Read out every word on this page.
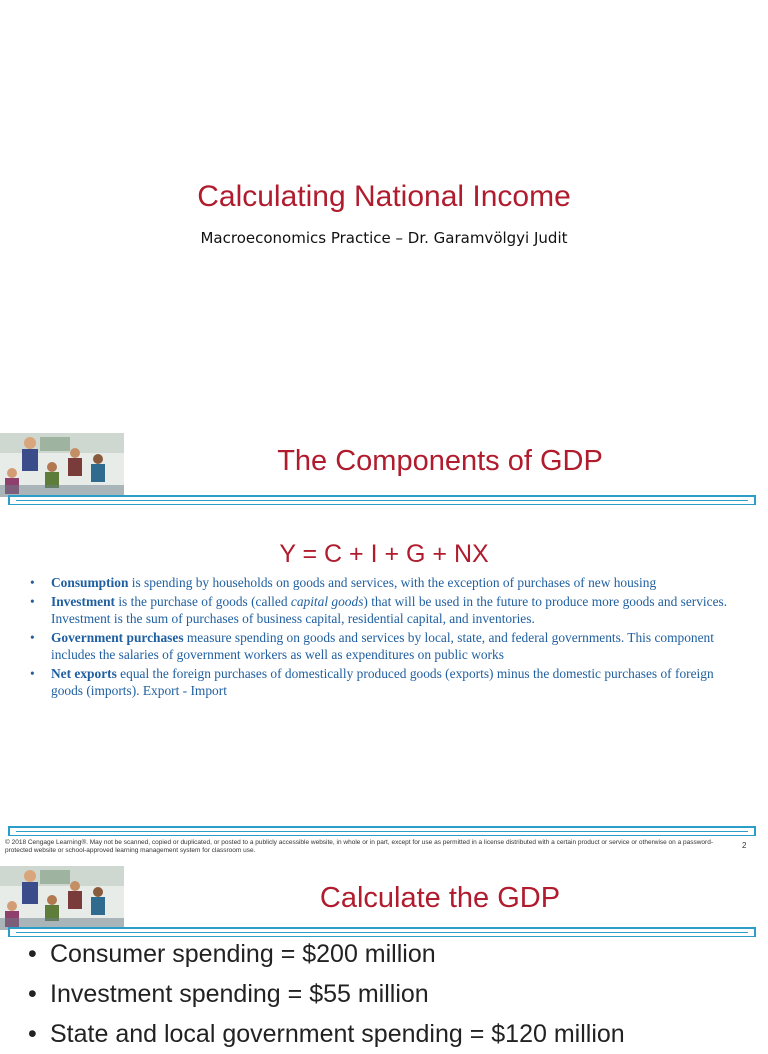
Calculating National Income
Macroeconomics Practice – Dr. Garamvölgyi Judit
The Components of GDP
Y = C + I + G + NX
• Consumption is spending by households on goods and services, with the exception of purchases of new housing
• Investment is the purchase of goods (called capital goods) that will be used in the future to produce more goods and services. Investment is the sum of purchases of business capital, residential capital, and inventories.
• Government purchases measure spending on goods and services by local, state, and federal governments. This component includes the salaries of government workers as well as expenditures on public works
• Net exports equal the foreign purchases of domestically produced goods (exports) minus the domestic purchases of foreign goods (imports). Export - Import
© 2018 Cengage Learning®. May not be scanned, copied or duplicated, or posted to a publicly accessible website, in whole or in part, except for use as permitted in a license distributed with a certain product or service or otherwise on a password-protected website or school-approved learning management system for classroom use.
2
Calculate the GDP
• Consumer spending = $200 million
• Investment spending = $55 million
• State and local government spending = $120 million
